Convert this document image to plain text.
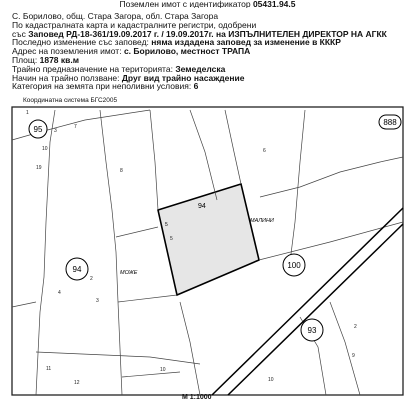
Поземлен имот с идентификатор 05431.94.5
С. Борилово, общ. Стара Загора, обл. Стара Загора
По кадастралната карта и кадастралните регистри, одобрени
със Заповед РД-18-361/19.09.2017 г. / 19.09.2017г. на ИЗПЪЛНИТЕЛЕН ДИРЕКТОР НА АГКК
Последно изменение със заповед: няма издадена заповед за изменение в КККР
Адрес на поземления имот: с. Борилово, местност ТРАПА
Площ: 1878 кв.м
Трайно предназначение на територията: Земеделска
Начин на трайно ползване: Друг вид трайно насаждение
Категория на земята при неполивни условия: 6
Координатна система БГС2005
95
888
94	100
93
94
5
МАЛИНИ
МОЖЕ
1
3
7
10
19	8
6
2
4
11
12
10
2
10
9
3
5
М 1:1000
